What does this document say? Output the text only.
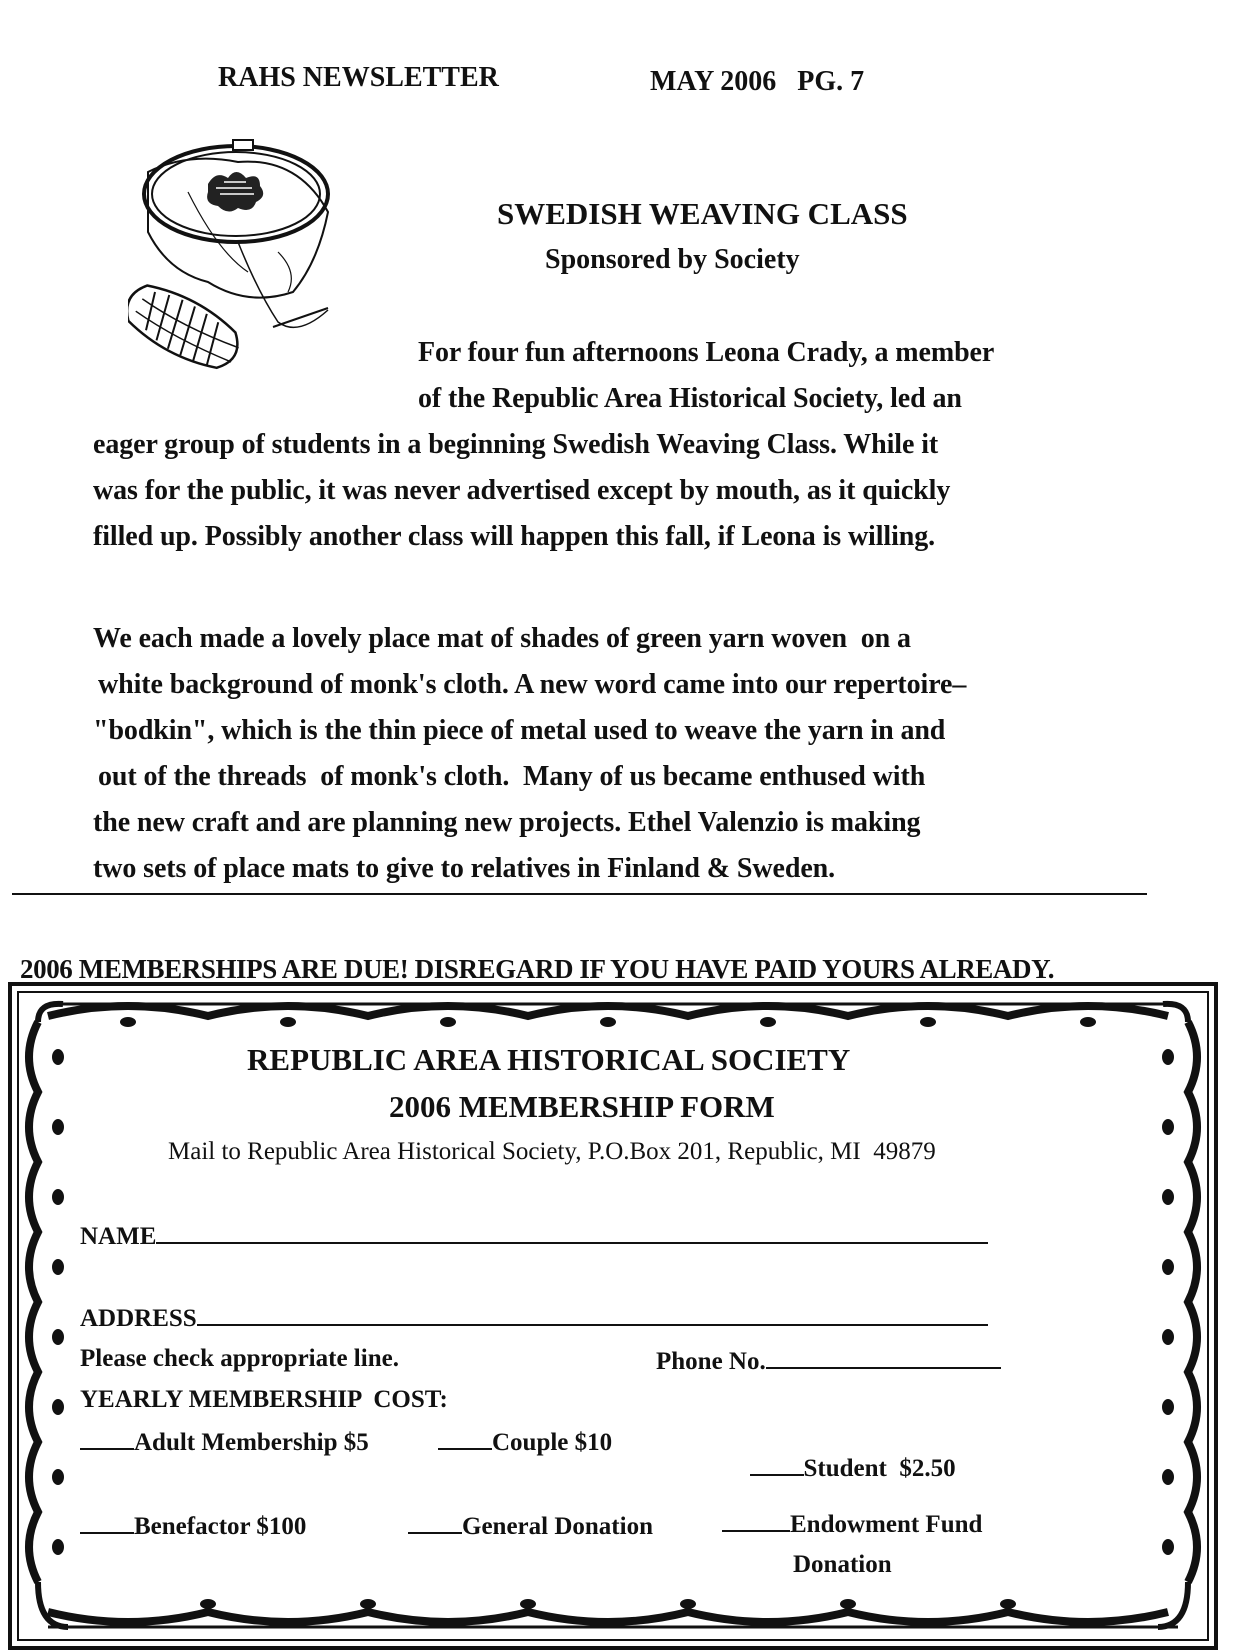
RAHS NEWSLETTER	MAY 2006   PG. 7
SWEDISH WEAVING CLASS
Sponsored by Society
For four fun afternoons Leona Crady, a member
of the Republic Area Historical Society, led an
eager group of students in a beginning Swedish Weaving Class. While it
was for the public, it was never advertised except by mouth, as it quickly
filled up. Possibly another class will happen this fall, if Leona is willing.
We each made a lovely place mat of shades of green yarn woven  on a
white background of monk's cloth. A new word came into our repertoire–
"bodkin", which is the thin piece of metal used to weave the yarn in and
out of the threads  of monk's cloth.  Many of us became enthused with
the new craft and are planning new projects. Ethel Valenzio is making
two sets of place mats to give to relatives in Finland & Sweden.
2006 MEMBERSHIPS ARE DUE! DISREGARD IF YOU HAVE PAID YOURS ALREADY.
REPUBLIC AREA HISTORICAL SOCIETY
2006 MEMBERSHIP FORM
Mail to Republic Area Historical Society, P.O.Box 201, Republic, MI  49879
NAME
ADDRESS
Please check appropriate line.	Phone No.
YEARLY MEMBERSHIP  COST:
Adult Membership $5	Couple $10

Student  $2.50

Benefactor $100	General Donation	Endowment Fund
Donation
